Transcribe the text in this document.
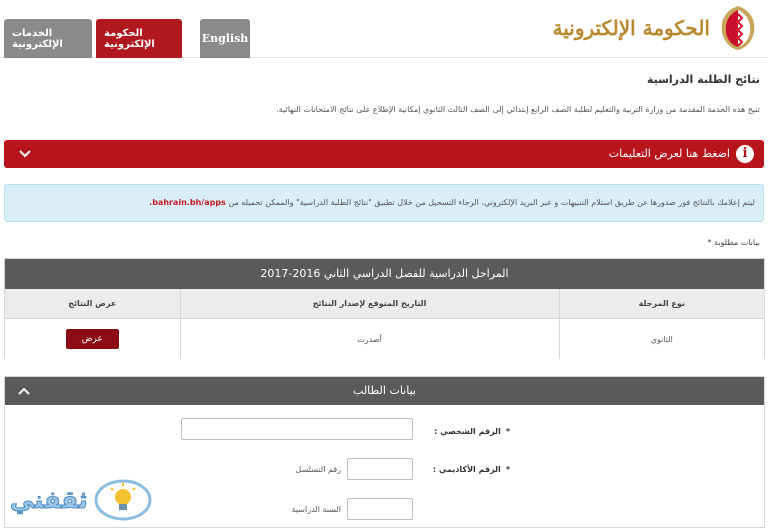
الخدمات الإلكترونية
الحكومة الإلكترونية	English	الحكومة الإلكترونية
نتائج الطلبة الدراسية
تتيح هذه الخدمة المقدمة من وزارة التربية والتعليم لطلبة الصف الرابع إبتدائي إلى الصف الثالث الثانوي إمكانية الإطلاع على نتائج الامتحانات النهائية.
اضغط هنا لعرض التعليمات i
ليتم إعلامك بالنتائج فور صدورها عن طريق استلام التنبيهات و عبر البريد الإلكتروني، الرجاء التسجيل من خلال تطبيق "نتائج الطلبة الدراسية" والممكن تحميله من bahrain.bh/apps.
بيانات مطلوبة *
المراحل الدراسية للفصل الدراسي الثاني 2016-2017
نوع المرحلة
التاريخ المتوقع لإصدار النتائج
عرض النتائج
الثانوي
أصدرت
عرض
بيانات الطالب
*الرقم الشخصي :
*الرقم الأكاديمي :
رقم التسلسل
السنة الدراسية
ثقفني
